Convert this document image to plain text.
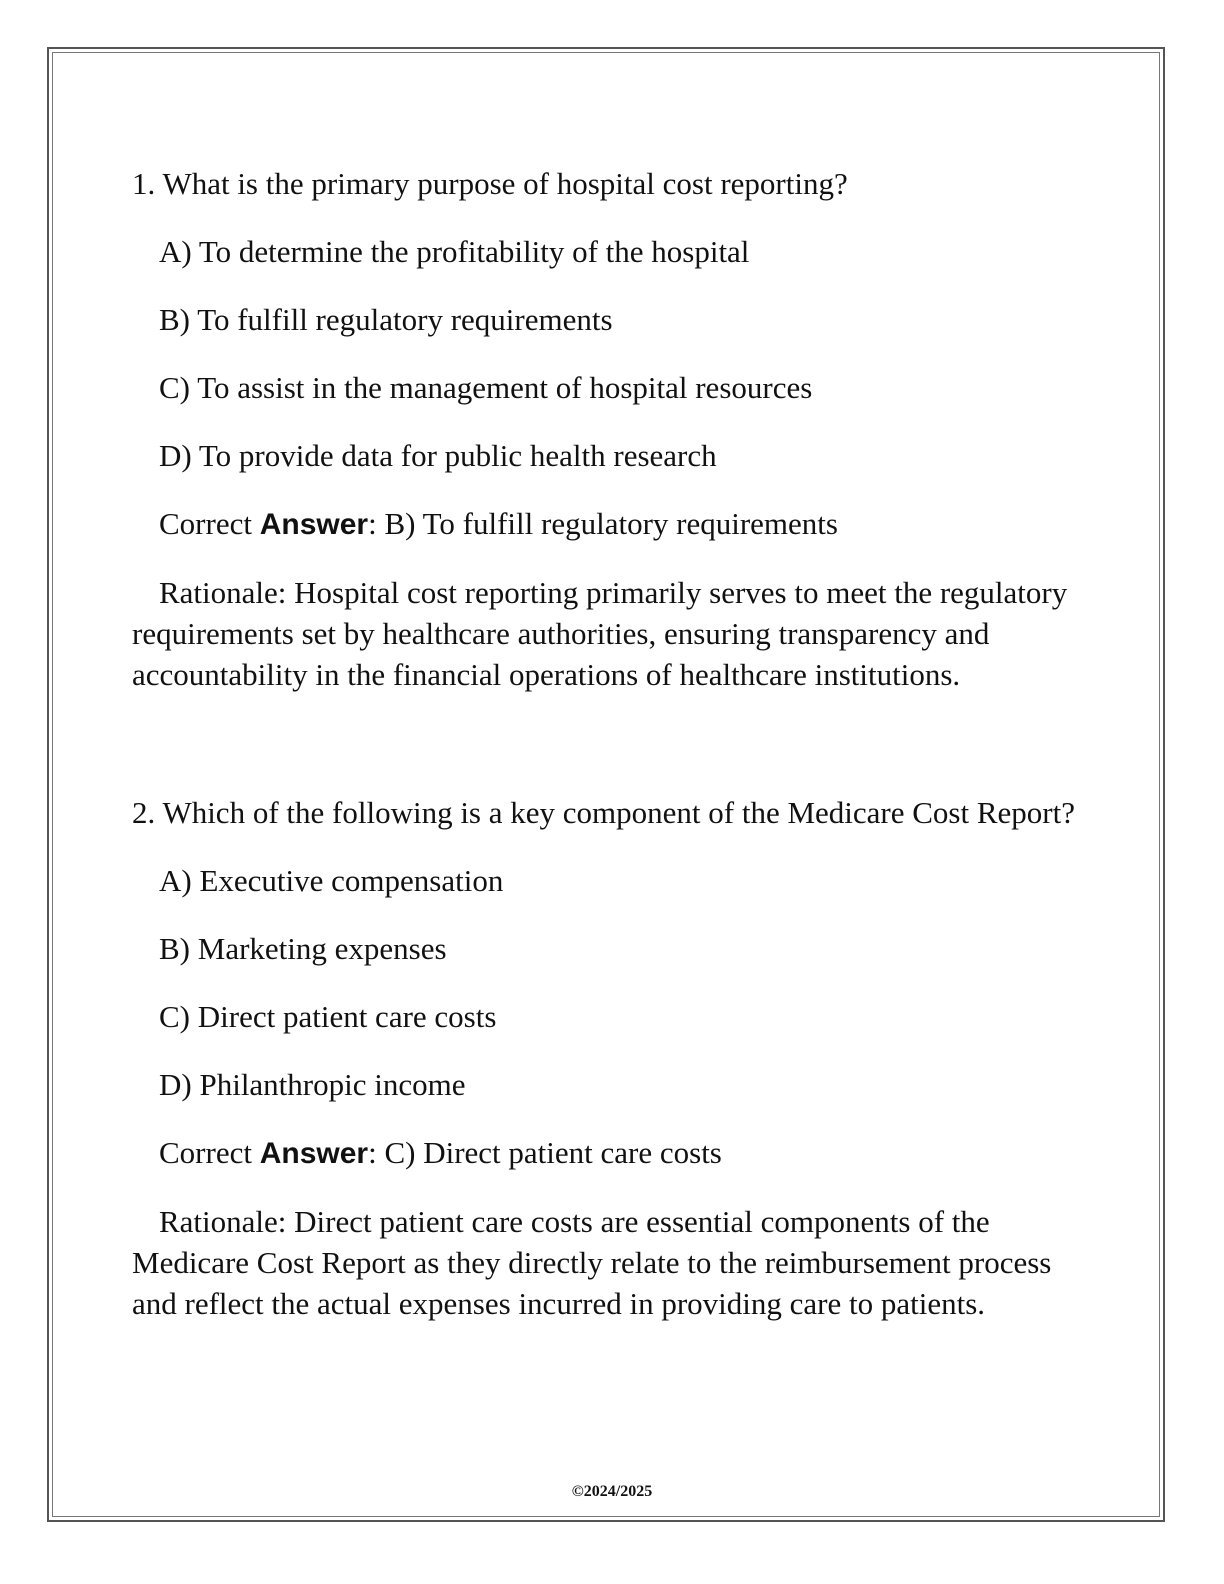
1. What is the primary purpose of hospital cost reporting?

A) To determine the profitability of the hospital

B) To fulfill regulatory requirements

C) To assist in the management of hospital resources

D) To provide data for public health research

Correct Answer: B) To fulfill regulatory requirements

Rationale: Hospital cost reporting primarily serves to meet the regulatory requirements set by healthcare authorities, ensuring transparency and accountability in the financial operations of healthcare institutions.

2. Which of the following is a key component of the Medicare Cost Report?

A) Executive compensation

B) Marketing expenses

C) Direct patient care costs

D) Philanthropic income

Correct Answer: C) Direct patient care costs

Rationale: Direct patient care costs are essential components of the Medicare Cost Report as they directly relate to the reimbursement process and reflect the actual expenses incurred in providing care to patients.

©2024/2025
